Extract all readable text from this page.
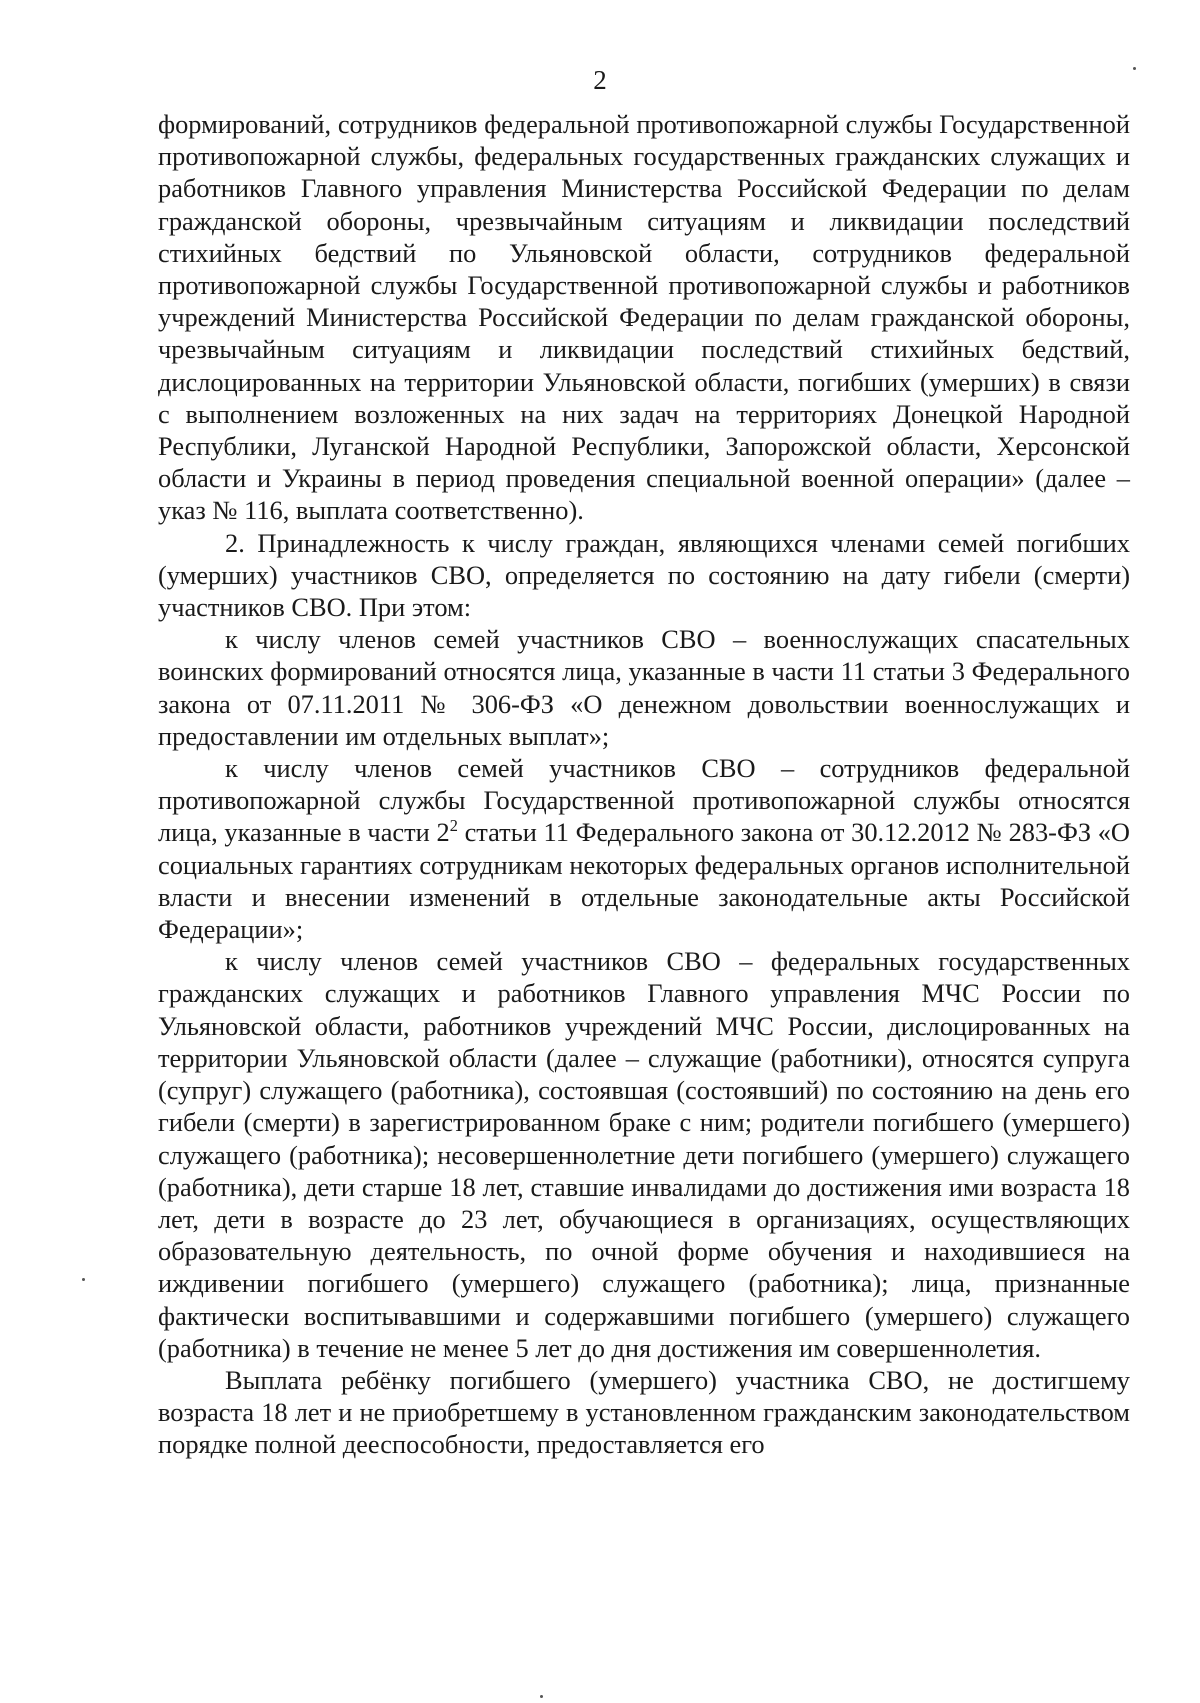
2

формирований, сотрудников федеральной противопожарной службы Государственной противопожарной службы, федеральных государственных гражданских служащих и работников Главного управления Министерства Российской Федерации по делам гражданской обороны, чрезвычайным ситуациям и ликвидации последствий стихийных бедствий по Ульяновской области, сотрудников федеральной противопожарной службы Государственной противопожарной службы и работников учреждений Министерства Российской Федерации по делам гражданской обороны, чрезвычайным ситуациям и ликвидации последствий стихийных бедствий, дислоцированных на территории Ульяновской области, погибших (умерших) в связи с выполнением возложенных на них задач на территориях Донецкой Народной Республики, Луганской Народной Республики, Запорожской области, Херсонской области и Украины в период проведения специальной военной операции» (далее – указ № 116, выплата соответственно).

2. Принадлежность к числу граждан, являющихся членами семей погибших (умерших) участников СВО, определяется по состоянию на дату гибели (смерти) участников СВО. При этом:

к числу членов семей участников СВО – военнослужащих спасательных воинских формирований относятся лица, указанные в части 11 статьи 3 Федерального закона от 07.11.2011 № 306-ФЗ «О денежном довольствии военнослужащих и предоставлении им отдельных выплат»;

к числу членов семей участников СВО – сотрудников федеральной противопожарной службы Государственной противопожарной службы относятся лица, указанные в части $2^2$ статьи 11 Федерального закона от 30.12.2012 № 283-ФЗ «О социальных гарантиях сотрудникам некоторых федеральных органов исполнительной власти и внесении изменений в отдельные законодательные акты Российской Федерации»;

к числу членов семей участников СВО – федеральных государственных гражданских служащих и работников Главного управления МЧС России по Ульяновской области, работников учреждений МЧС России, дислоцированных на территории Ульяновской области (далее – служащие (работники), относятся супруга (супруг) служащего (работника), состоявшая (состоявший) по состоянию на день его гибели (смерти) в зарегистрированном браке с ним; родители погибшего (умершего) служащего (работника); несовершеннолетние дети погибшего (умершего) служащего (работника), дети старше 18 лет, ставшие инвалидами до достижения ими возраста 18 лет, дети в возрасте до 23 лет, обучающиеся в организациях, осуществляющих образовательную деятельность, по очной форме обучения и находившиеся на иждивении погибшего (умершего) служащего (работника); лица, признанные фактически воспитывавшими и содержавшими погибшего (умершего) служащего (работника) в течение не менее 5 лет до дня достижения им совершеннолетия.

Выплата ребёнку погибшего (умершего) участника СВО, не достигшему возраста 18 лет и не приобретшему в установленном гражданским законодательством порядке полной дееспособности, предоставляется его
